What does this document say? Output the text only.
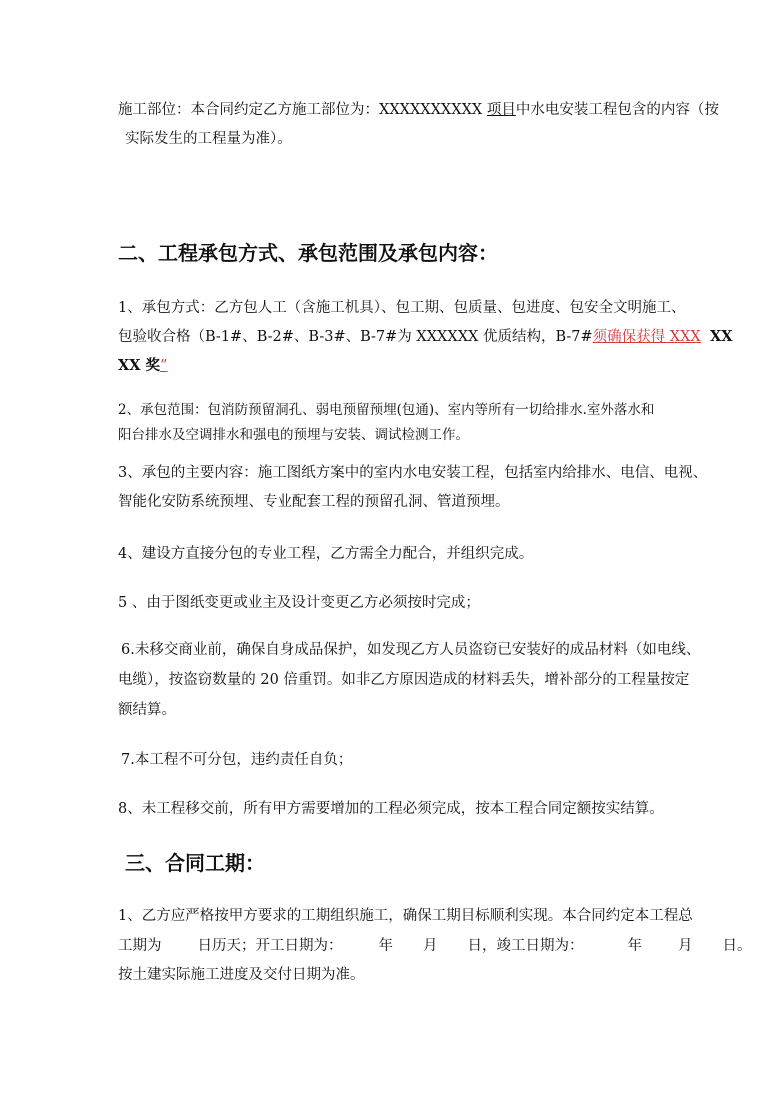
施工部位：本合同约定乙方施工部位为：XXXXXXXXXX 项目中水电安装工程包含的内容（按
实际发生的工程量为准）。
二、工程承包方式、承包范围及承包内容：
1、承包方式：乙方包人工（含施工机具）、包工期、包质量、包进度、包安全文明施工、
包验收合格（B-1#、B-2#、B-3#、B-7#为 XXXXXX 优质结构，B-7#须确保获得 XXX XX
XX 奖”
2、承包范围：包消防预留洞孔、弱电预留预埋(包通)、室内等所有一切给排水.室外落水和
阳台排水及空调排水和强电的预埋与安装、调试检测工作。
3、承包的主要内容：施工图纸方案中的室内水电安装工程，包括室内给排水、电信、电视、
智能化安防系统预埋、专业配套工程的预留孔洞、管道预埋。
4、建设方直接分包的专业工程，乙方需全力配合，并组织完成。
5 、由于图纸变更或业主及设计变更乙方必须按时完成；
6.未移交商业前，确保自身成品保护，如发现乙方人员盗窃已安装好的成品材料（如电线、
电缆），按盗窃数量的 20 倍重罚。如非乙方原因造成的材料丢失，增补部分的工程量按定
额结算。
7.本工程不可分包，违约责任自负；
8、未工程移交前，所有甲方需要增加的工程必须完成，按本工程合同定额按实结算。
三、合同工期：
1、乙方应严格按甲方要求的工期组织施工，确保工期目标顺利实现。本合同约定本工程总
工期为 日历天；开工日期为： 年 月 日，竣工日期为：	年 月 日。
按土建实际施工进度及交付日期为准。
